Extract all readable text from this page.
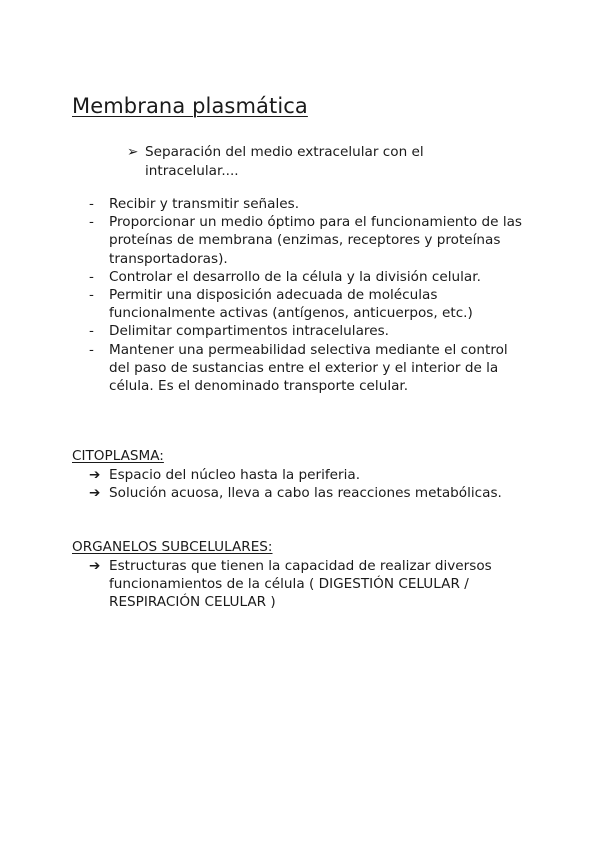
Membrana plasmática
➢ Separación del medio extracelular con el intracelular....
- Recibir y transmitir señales.
- Proporcionar un medio óptimo para el funcionamiento de las proteínas de membrana (enzimas, receptores y proteínas transportadoras).
- Controlar el desarrollo de la célula y la división celular.
- Permitir una disposición adecuada de moléculas funcionalmente activas (antígenos, anticuerpos, etc.)
- Delimitar compartimentos intracelulares.
- Mantener una permeabilidad selectiva mediante el control del paso de sustancias entre el exterior y el interior de la célula. Es el denominado transporte celular.
CITOPLASMA:
➔ Espacio del núcleo hasta la periferia.
➔ Solución acuosa, lleva a cabo las reacciones metabólicas.
ORGANELOS SUBCELULARES:
➔ Estructuras que tienen la capacidad de realizar diversos funcionamientos de la célula ( DIGESTIÓN CELULAR / RESPIRACIÓN CELULAR )
